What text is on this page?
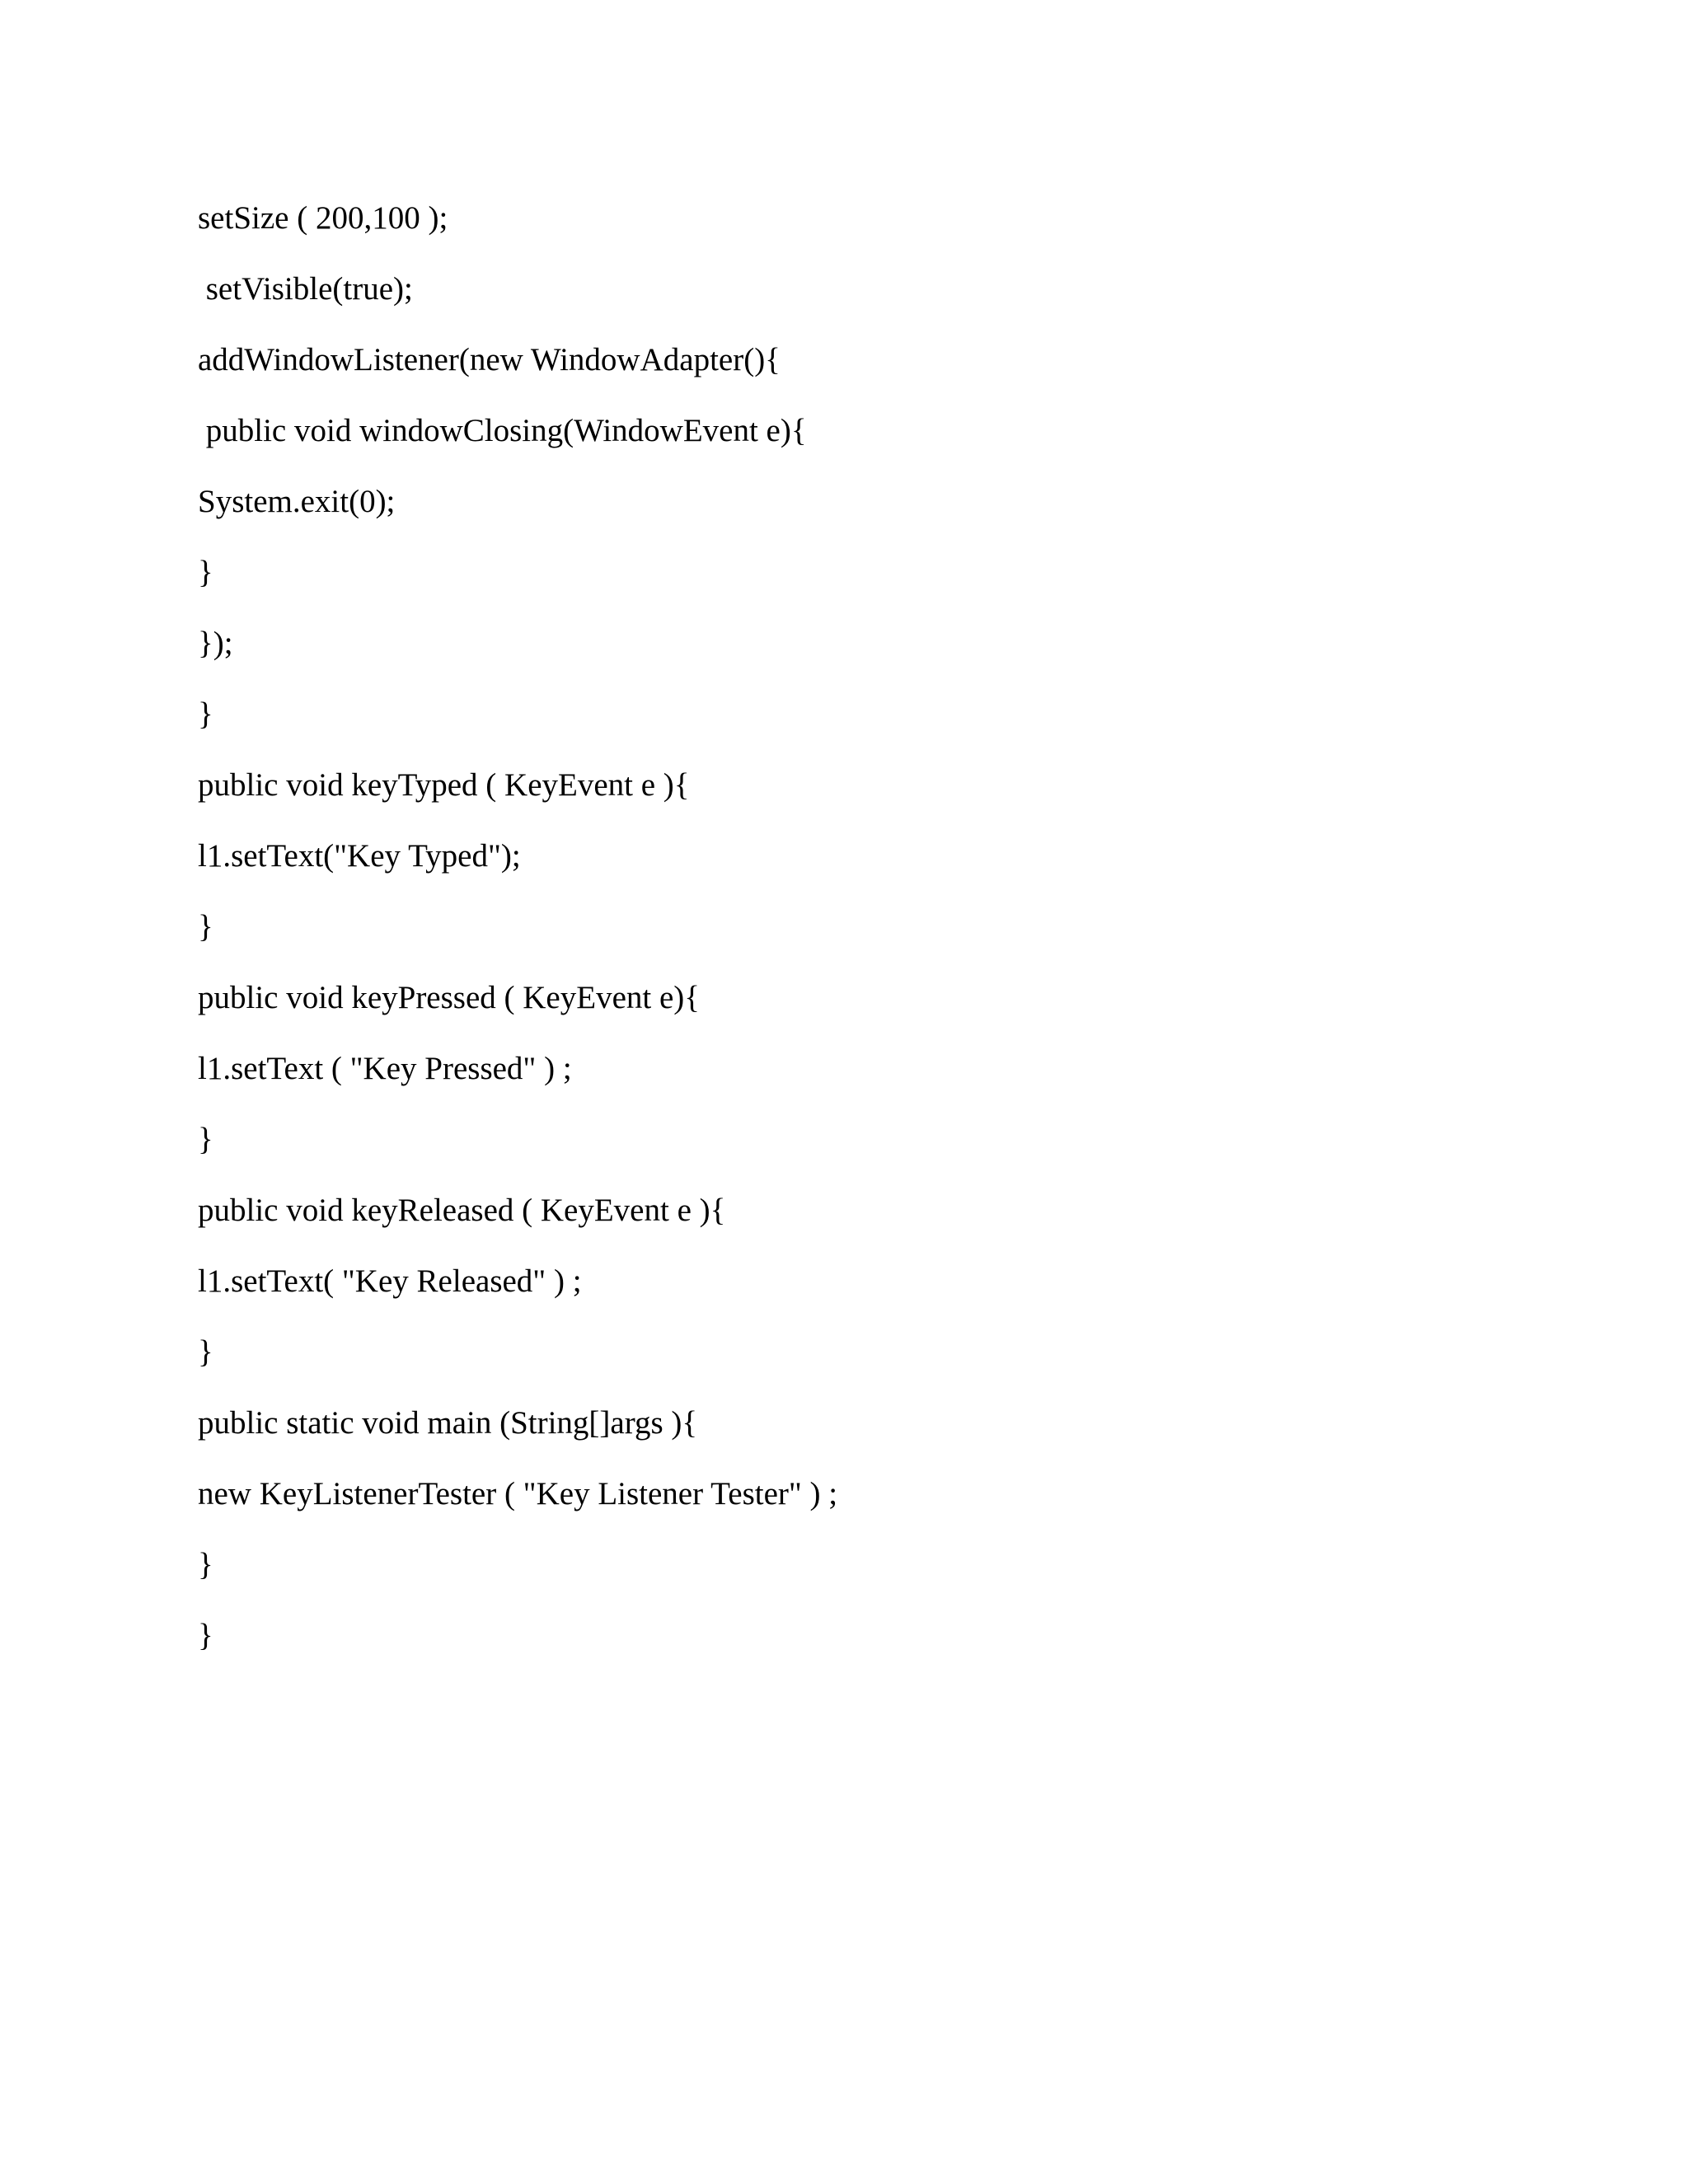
setSize ( 200,100 );
setVisible(true);
addWindowListener(new WindowAdapter(){
public void windowClosing(WindowEvent e){
System.exit(0);
}
});
}
public void keyTyped ( KeyEvent e ){
l1.setText("Key Typed");
}
public void keyPressed ( KeyEvent e){
l1.setText ( "Key Pressed" ) ;
}
public void keyReleased ( KeyEvent e ){
l1.setText( "Key Released" ) ;
}
public static void main (String[]args ){
new KeyListenerTester ( "Key Listener Tester" ) ;
}
}
